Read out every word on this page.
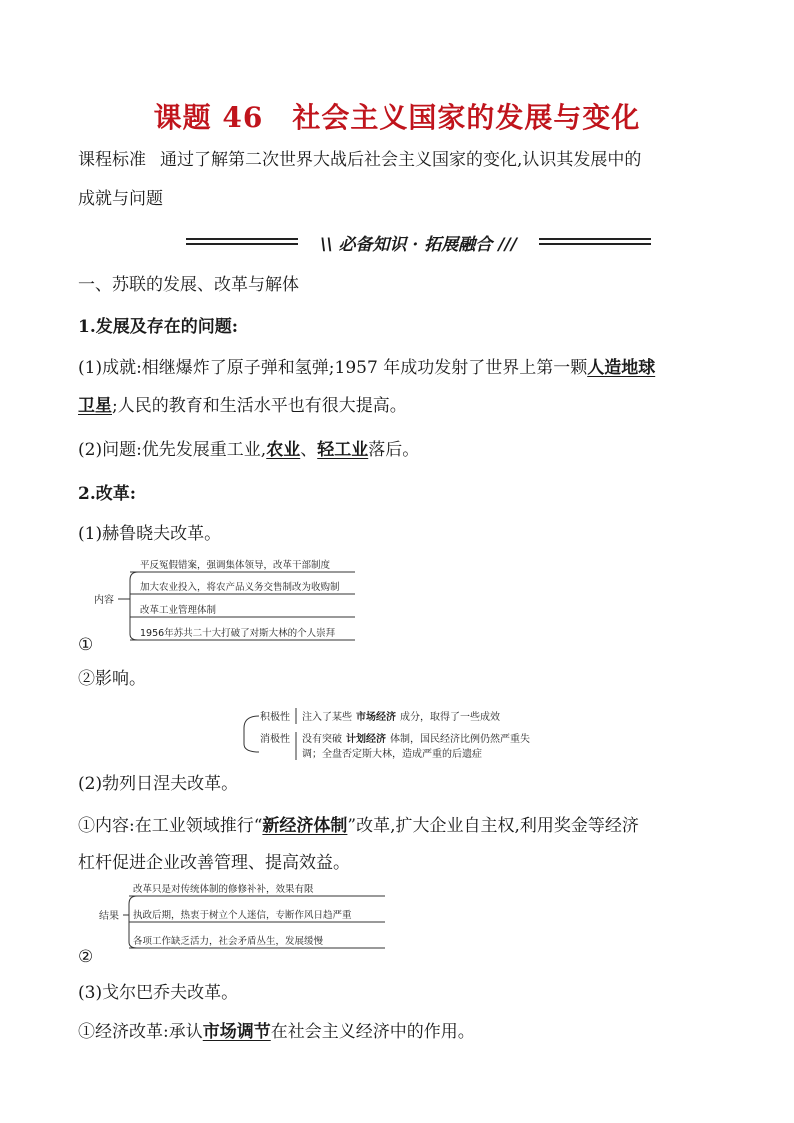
课题 46　社会主义国家的发展与变化
课程标准 通过了解第二次世界大战后社会主义国家的变化,认识其发展中的
成就与问题
\\ 必备知识 · 拓展融合 ///
一、苏联的发展、改革与解体
1.发展及存在的问题:
(1)成就:相继爆炸了原子弹和氢弹;1957 年成功发射了世界上第一颗人造地球
卫星;人民的教育和生活水平也有很大提高。
(2)问题:优先发展重工业,农业、轻工业落后。
2.改革:
(1)赫鲁晓夫改革。
内容
平反冤假错案，强调集体领导，改革干部制度
加大农业投入，将农产品义务交售制改为收购制
改革工业管理体制
1956年苏共二十大打破了对斯大林的个人崇拜
①
②影响。
积极性
消极性
注入了某些 市场经济 成分，取得了一些成效
没有突破 计划经济 体制，国民经济比例仍然严重失
调；全盘否定斯大林，造成严重的后遗症
(2)勃列日涅夫改革。
①内容:在工业领域推行“新经济体制”改革,扩大企业自主权,利用奖金等经济
杠杆促进企业改善管理、提高效益。
结果
改革只是对传统体制的修修补补，效果有限
执政后期，热衷于树立个人迷信，专断作风日趋严重
各项工作缺乏活力，社会矛盾丛生，发展缓慢
②
(3)戈尔巴乔夫改革。
①经济改革:承认市场调节在社会主义经济中的作用。
